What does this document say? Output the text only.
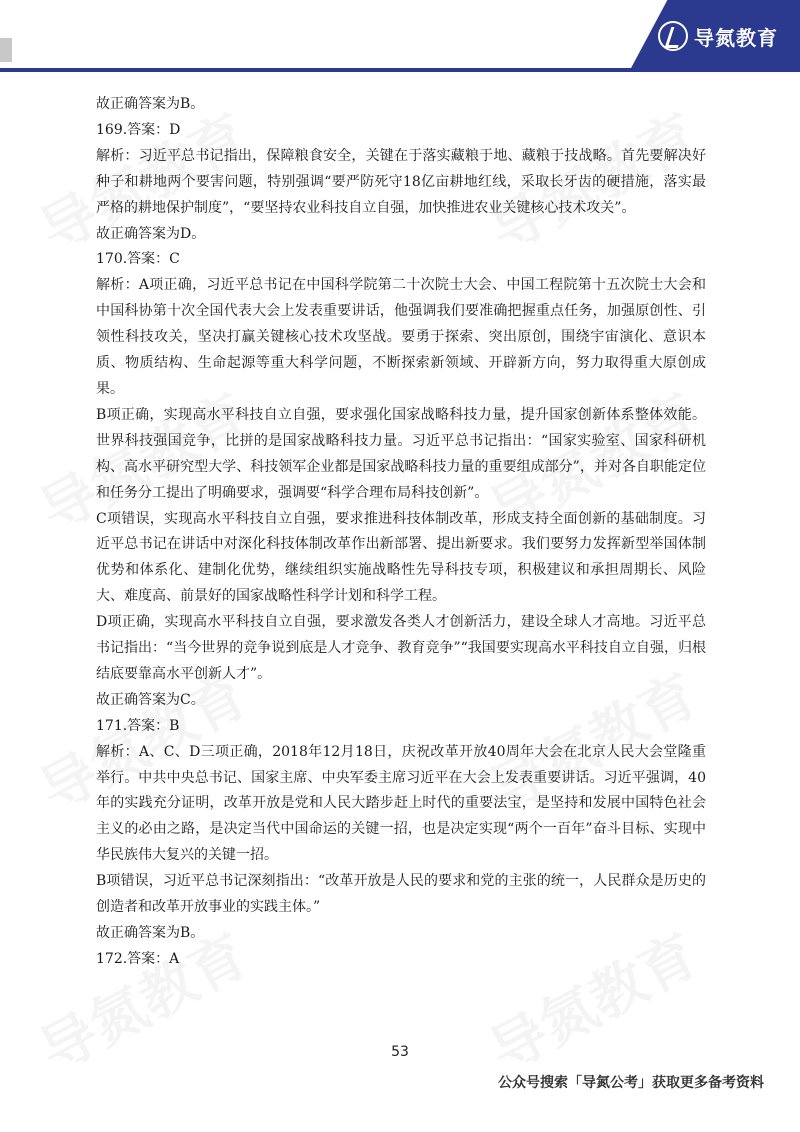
导氮教育

故正确答案为B。

169.答案：D

解析：习近平总书记指出，保障粮食安全，关键在于落实藏粮于地、藏粮于技战略。首先要解决好种子和耕地两个要害问题，特别强调“要严防死守18亿亩耕地红线，采取长牙齿的硬措施，落实最严格的耕地保护制度”，“要坚持农业科技自立自强，加快推进农业关键核心技术攻关”。

故正确答案为D。

170.答案：C

解析：A项正确，习近平总书记在中国科学院第二十次院士大会、中国工程院第十五次院士大会和中国科协第十次全国代表大会上发表重要讲话，他强调我们要准确把握重点任务，加强原创性、引领性科技攻关，坚决打赢关键核心技术攻坚战。要勇于探索、突出原创，围绕宇宙演化、意识本质、物质结构、生命起源等重大科学问题，不断探索新领域、开辟新方向，努力取得重大原创成果。

B项正确，实现高水平科技自立自强，要求强化国家战略科技力量，提升国家创新体系整体效能。世界科技强国竞争，比拼的是国家战略科技力量。习近平总书记指出：“国家实验室、国家科研机构、高水平研究型大学、科技领军企业都是国家战略科技力量的重要组成部分”，并对各自职能定位和任务分工提出了明确要求，强调要“科学合理布局科技创新”。

C项错误，实现高水平科技自立自强，要求推进科技体制改革，形成支持全面创新的基础制度。习近平总书记在讲话中对深化科技体制改革作出新部署、提出新要求。我们要努力发挥新型举国体制优势和体系化、建制化优势，继续组织实施战略性先导科技专项，积极建议和承担周期长、风险大、难度高、前景好的国家战略性科学计划和科学工程。

D项正确，实现高水平科技自立自强，要求激发各类人才创新活力，建设全球人才高地。习近平总书记指出：“当今世界的竞争说到底是人才竞争、教育竞争”“我国要实现高水平科技自立自强，归根结底要靠高水平创新人才”。

故正确答案为C。

171.答案：B

解析：A、C、D三项正确，2018年12月18日，庆祝改革开放40周年大会在北京人民大会堂隆重举行。中共中央总书记、国家主席、中央军委主席习近平在大会上发表重要讲话。习近平强调，40年的实践充分证明，改革开放是党和人民大踏步赶上时代的重要法宝，是坚持和发展中国特色社会主义的必由之路，是决定当代中国命运的关键一招，也是决定实现“两个一百年”奋斗目标、实现中华民族伟大复兴的关键一招。

B项错误，习近平总书记深刻指出：“改革开放是人民的要求和党的主张的统一，人民群众是历史的创造者和改革开放事业的实践主体。”

故正确答案为B。

172.答案：A

53
公众号搜索「导氮公考」获取更多备考资料
